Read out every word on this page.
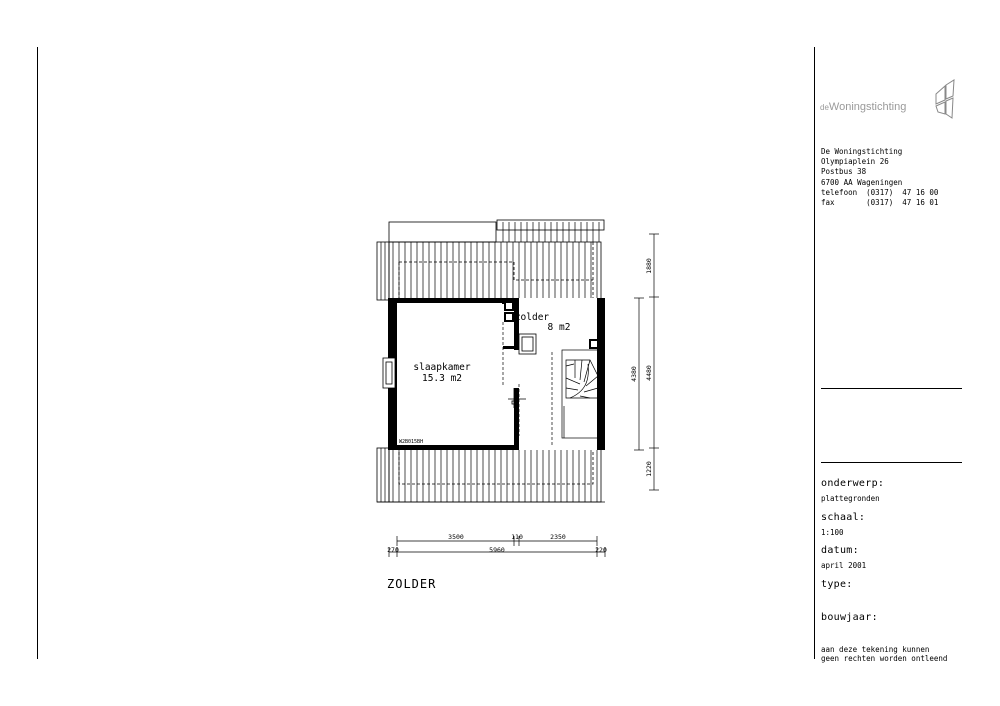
deWoningstichting
De Woningstichting
Olympiaplein 26
Postbus 38
6700 AA Wageningen
telefoon  (0317)  47 16 00
fax       (0317)  47 16 01
onderwerp:
plattegronden
schaal:
1:100
datum:
april 2001
type:
bouwjaar:
aan deze tekening kunnen
geen rechten worden ontleend
ZOLDER
slaapkamer
15.3 m2
zolder
8 m2
W2B015BH
3500	110	2350
270	5960	220
4380
1880
4480
1220
